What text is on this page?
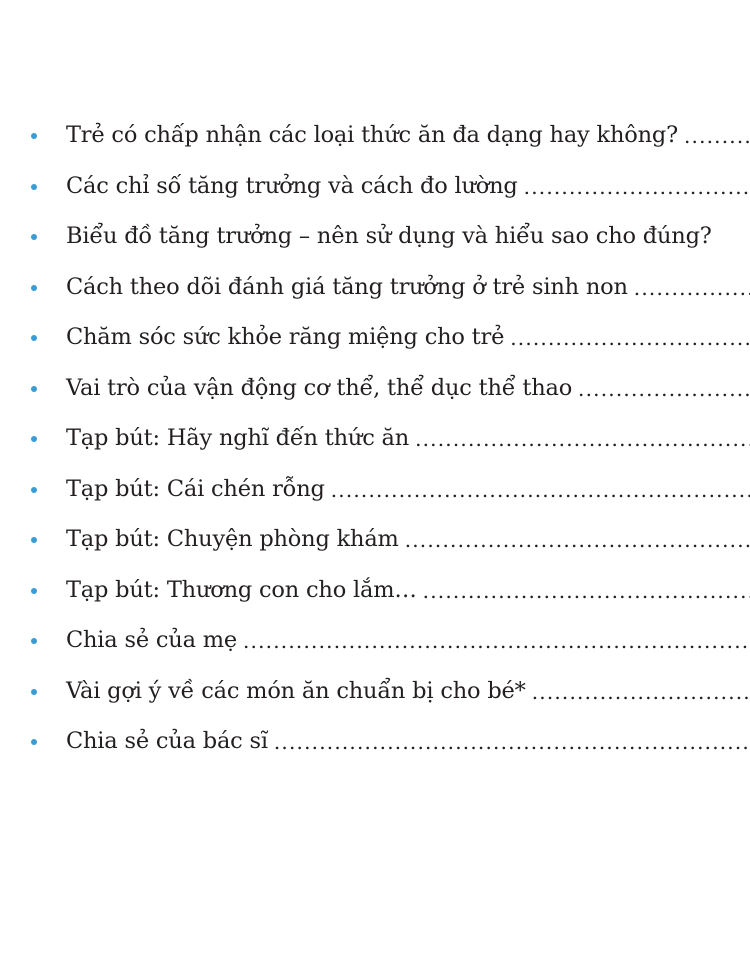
Trẻ có chấp nhận các loại thức ăn đa dạng hay không?
.....
Các chỉ số tăng trưởng và cách đo lường
.....
Biểu đồ tăng trưởng – nên sử dụng và hiểu sao cho đúng?
Cách theo dõi đánh giá tăng trưởng ở trẻ sinh non
.....
Chăm sóc sức khỏe răng miệng cho trẻ
.....
Vai trò của vận động cơ thể, thể dục thể thao
.....
Tạp bút: Hãy nghĩ đến thức ăn
.....
Tạp bút: Cái chén rỗng
.....
Tạp bút: Chuyện phòng khám
.....
Tạp bút: Thương con cho lắm…
.....
Chia sẻ của mẹ
.....
Vài gợi ý về các món ăn chuẩn bị cho bé*
.....
Chia sẻ của bác sĩ
.....
